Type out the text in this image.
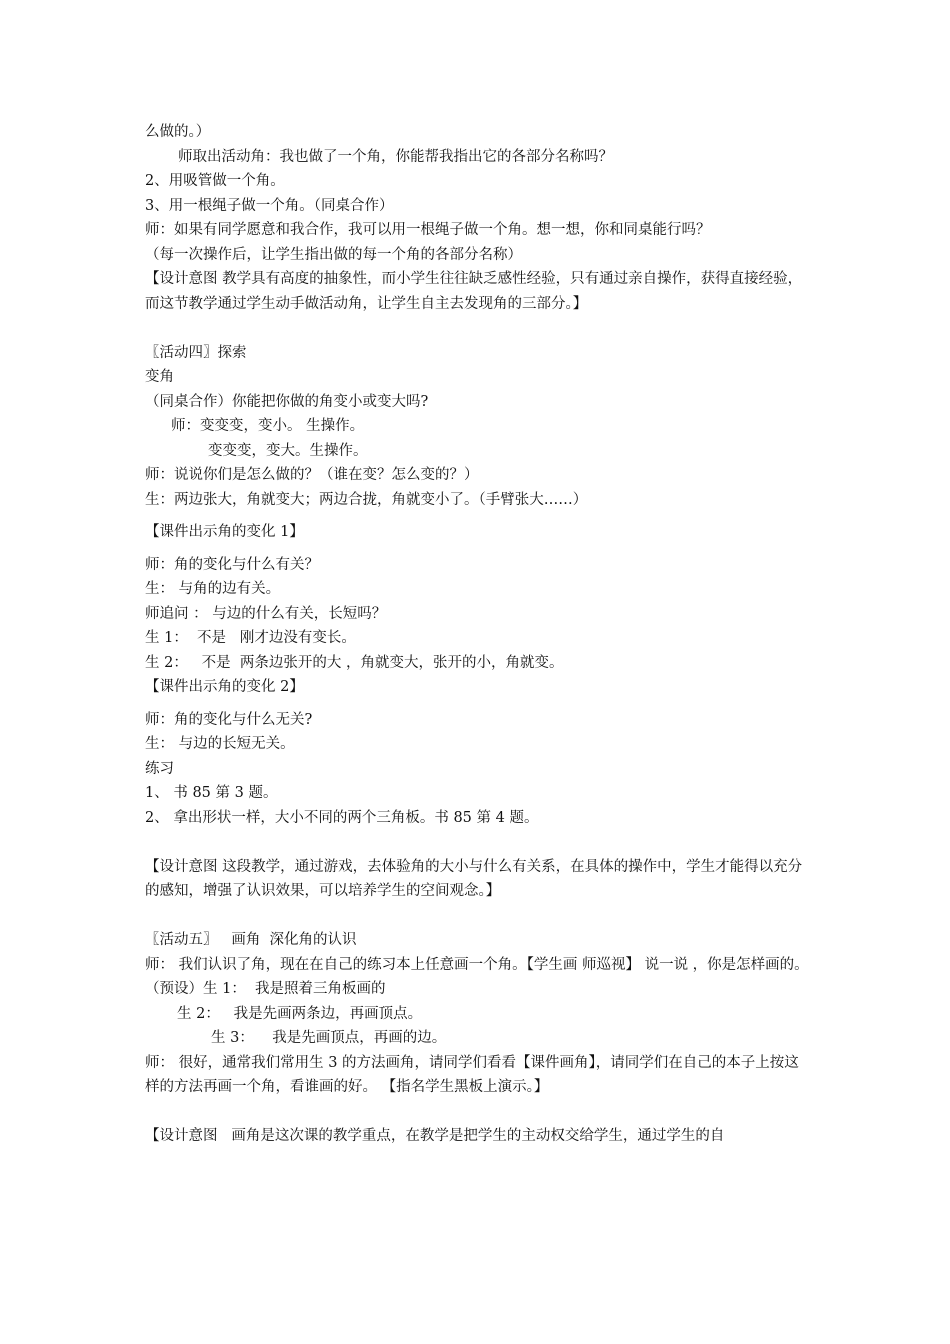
么做的。）

师取出活动角：我也做了一个角，你能帮我指出它的各部分名称吗？

2、用吸管做一个角。

3、用一根绳子做一个角。（同桌合作）

师：如果有同学愿意和我合作，我可以用一根绳子做一个角。想一想，你和同桌能行吗？

（每一次操作后，让学生指出做的每一个角的各部分名称）

【设计意图 教学具有高度的抽象性，而小学生往往缺乏感性经验，只有通过亲自操作，获得直接经验，而这节教学通过学生动手做活动角，让学生自主去发现角的三部分。】

〖活动四〗探索

变角

（同桌合作）你能把你做的角变小或变大吗?

师：变变变，变小。 生操作。

变变变，变大。生操作。

师：说说你们是怎么做的？（谁在变？怎么变的？）

生：两边张大，角就变大；两边合拢，角就变小了。（手臂张大……）

【课件出示角的变化 1】

师：角的变化与什么有关？

生： 与角的边有关。

师追问 ： 与边的什么有关，长短吗？

生 1：  不是   刚才边没有变长。

生 2：   不是  两条边张开的大 ，角就变大，张开的小，角就变。

【课件出示角的变化 2】

师：角的变化与什么无关?

生： 与边的长短无关。

练习

1、 书 85 第 3 题。

2、 拿出形状一样，大小不同的两个三角板。书 85 第 4 题。

【设计意图 这段教学，通过游戏，去体验角的大小与什么有关系，在具体的操作中，学生才能得以充分的感知，增强了认识效果，可以培养学生的空间观念。】

〖活动五〗   画角  深化角的认识

师： 我们认识了角，现在在自己的练习本上任意画一个角。【学生画 师巡视】 说一说 ，你是怎样画的。

（预设）生 1：  我是照着三角板画的

生 2：   我是先画两条边，再画顶点。

生 3：    我是先画顶点，再画的边。

师： 很好，通常我们常用生 3 的方法画角，请同学们看看【课件画角】，请同学们在自己的本子上按这样的方法再画一个角，看谁画的好。 【指名学生黑板上演示。】

【设计意图   画角是这次课的教学重点，在教学是把学生的主动权交给学生，通过学生的自
